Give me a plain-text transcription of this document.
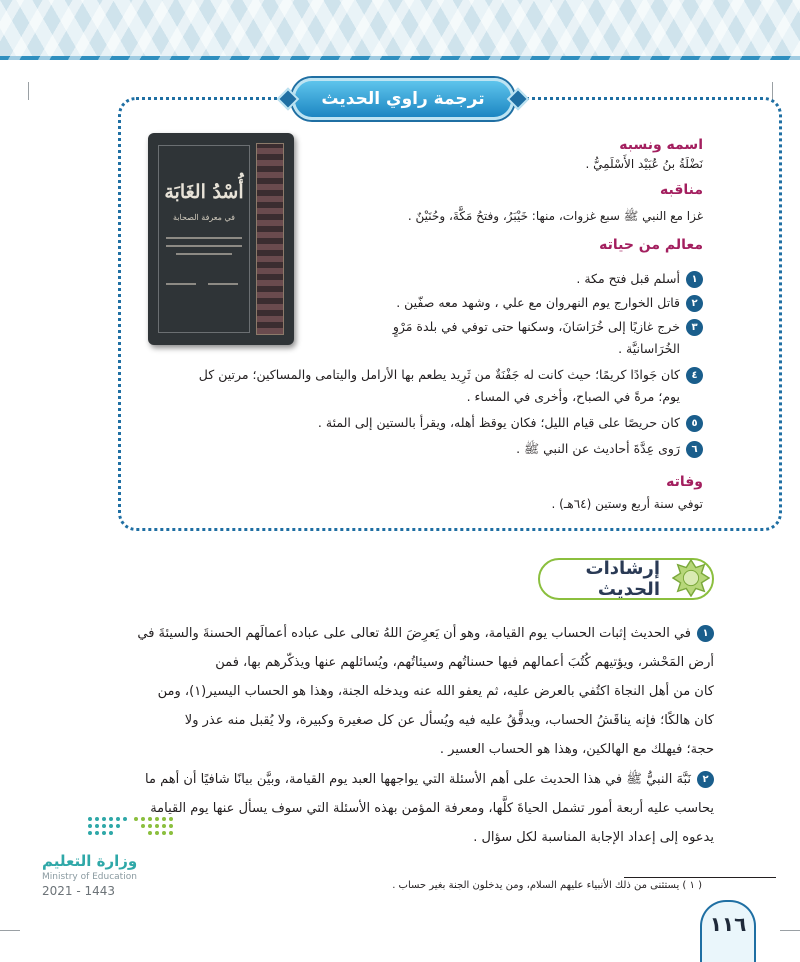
ترجمة راوي الحديث
أُسْدُ الغَابَة
في معرفة الصحابة
اسمه ونسبه
نَضْلَةُ بنُ عُبَيْد الأَسْلَمِيُّ .
مناقبه
غزا مع النبي ﷺ سبع غزوات، منها: خَيْبَرُ، وفتحُ مَكَّةَ، وحُنَيْنٌ .
معالم من حياته
١أسلم قبل فتح مكة .
٢قاتل الخوارج يوم النهروان مع علي ، وشهد معه صفّين .
٣خرج غازيًا إلى خُرَاسَانَ، وسكنها حتى توفي في بلدة مَرْوٍ
الخُرَاسانيَّة .
٤كان جَوادًا كريمًا؛ حيث كانت له جَفْنَةٌ من ثَرِيد يطعم بها الأرامل واليتامى والمساكين؛ مرتين كل
يوم؛ مرةً في الصباح، وأخرى في المساء .
٥كان حريصًا على قيام الليل؛ فكان يوقظ أهله، ويقرأ بالستين إلى المئة .
٦رَوى عِدَّةَ أحاديث عن النبي ﷺ .
وفاته
توفي سنة أربع وستين (٦٤هـ) .
إرشادات الحديث
١في الحديث إثبات الحساب يوم القيامة، وهو أن يَعرِضَ اللهُ تعالى على عباده أعمالَهم الحسنةَ والسيئةَ في
أرض المَحْشر، ويؤتيهم كُتُبَ أعمالهم فيها حسناتُهم وسيئاتُهم، ويُسائلهم عنها ويذكّرهم بها، فمن
كان من أهل النجاة اكتُفي بالعرض عليه، ثم يعفو الله عنه ويدخله الجنة، وهذا هو الحساب اليسير(١)، ومن
كان هالكًا؛ فإنه يناقَشُ الحساب، ويدقَّقُ عليه فيه ويُسأل عن كل صغيرة وكبيرة، ولا يُقبل منه عذر ولا
حجة؛ فيهلك مع الهالكين، وهذا هو الحساب العسير .
٢نَبَّهَ النبيُّ ﷺ في هذا الحديث على أهم الأسئلة التي يواجهها العبد يوم القيامة، وبيَّن بيانًا شافيًا أن أهم ما
يحاسب عليه أربعة أمور تشمل الحياةَ كلَّها، ومعرفة المؤمن بهذه الأسئلة التي سوف يسأل عنها يوم القيامة
يدعوه إلى إعداد الإجابة المناسبة لكل سؤال .
وزارة التعليم
Ministry of Education
2021 - 1443	( ١ ) يستثنى من ذلك الأنبياء عليهم السلام، ومن يدخلون الجنة بغير حساب .
١١٦
